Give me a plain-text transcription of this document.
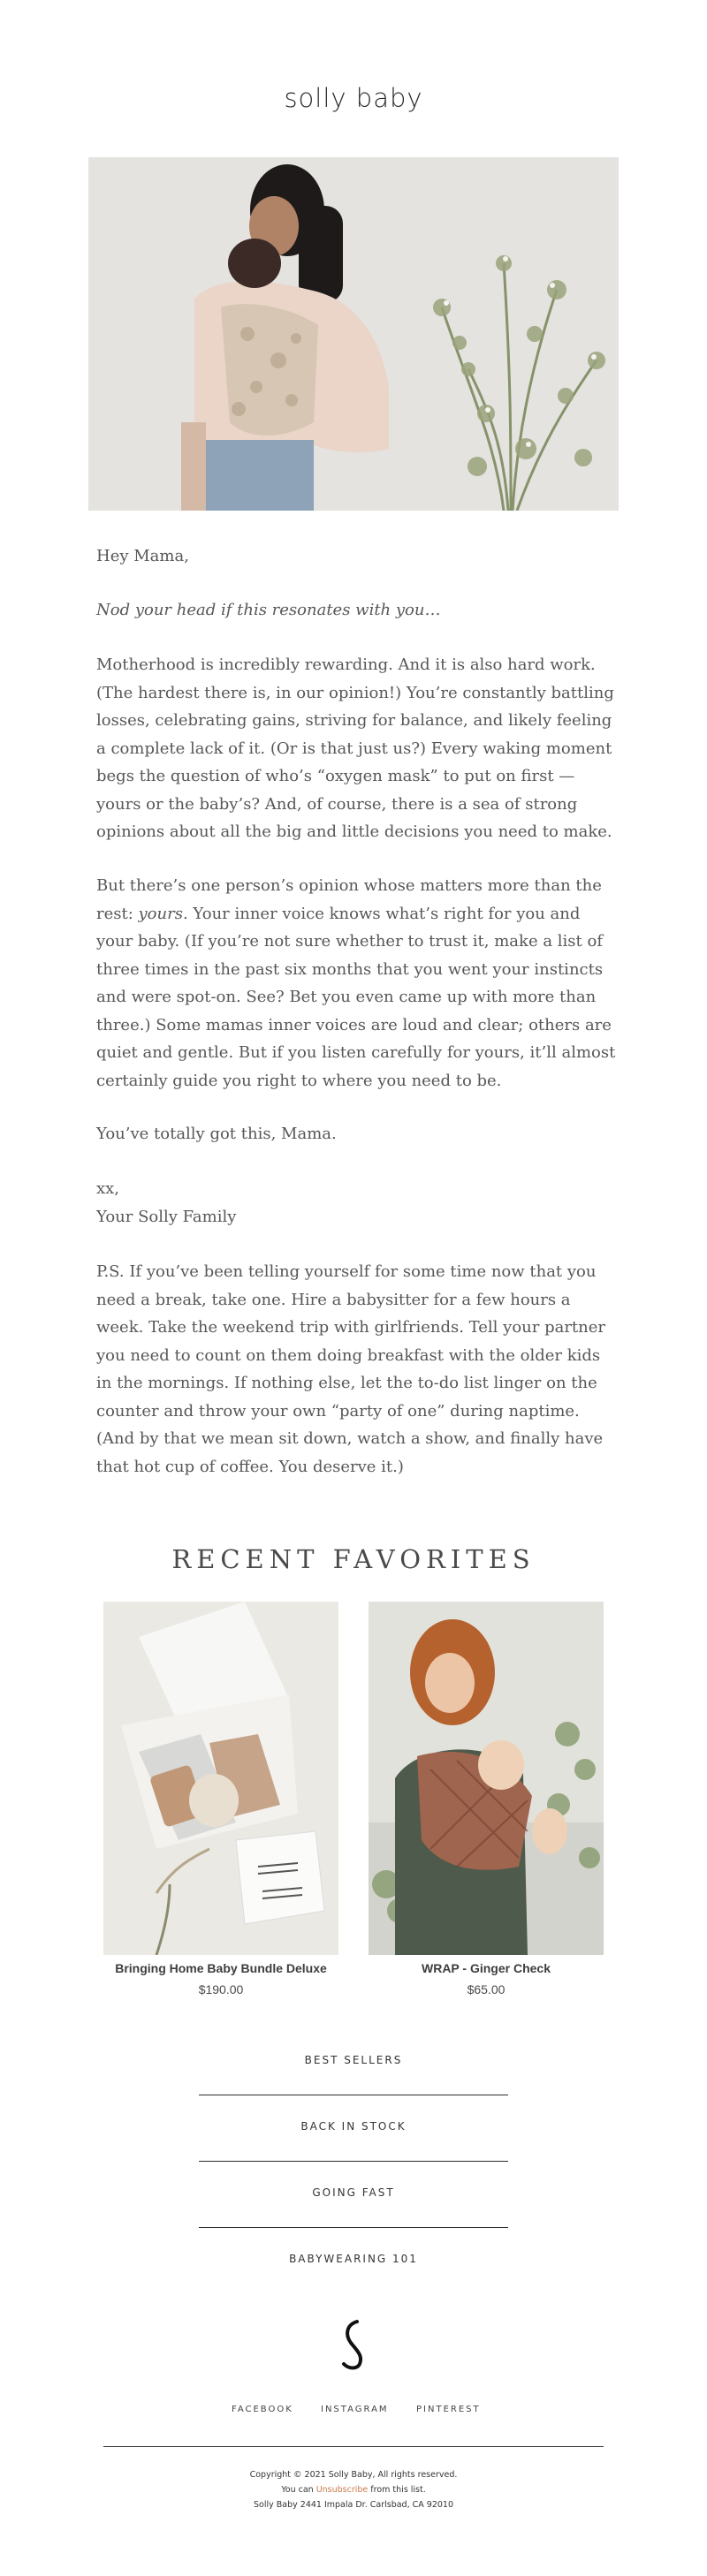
solly baby

Hey Mama,

Nod your head if this resonates with you…

Motherhood is incredibly rewarding. And it is also hard work. (The hardest there is, in our opinion!) You’re constantly battling losses, celebrating gains, striving for balance, and likely feeling a complete lack of it. (Or is that just us?) Every waking moment begs the question of who’s “oxygen mask” to put on first — yours or the baby’s? And, of course, there is a sea of strong opinions about all the big and little decisions you need to make.

But there’s one person’s opinion whose matters more than the rest: yours. Your inner voice knows what’s right for you and your baby. (If you’re not sure whether to trust it, make a list of three times in the past six months that you went your instincts and were spot-on. See? Bet you even came up with more than three.) Some mamas inner voices are loud and clear; others are quiet and gentle. But if you listen carefully for yours, it’ll almost certainly guide you right to where you need to be.

You’ve totally got this, Mama.

xx,

Your Solly Family

P.S. If you’ve been telling yourself for some time now that you need a break, take one. Hire a babysitter for a few hours a week. Take the weekend trip with girlfriends. Tell your partner you need to count on them doing breakfast with the older kids in the mornings. If nothing else, let the to-do list linger on the counter and throw your own “party of one” during naptime. (And by that we mean sit down, watch a show, and finally have that hot cup of coffee. You deserve it.)

RECENT FAVORITES
Bringing Home Baby Bundle Deluxe
$190.00
WRAP - Ginger Check
$65.00
BEST SELLERS
BACK IN STOCK
GOING FAST
BABYWEARING 101
FACEBOOK	INSTAGRAM	PINTEREST
Copyright © 2021 Solly Baby, All rights reserved.
You can Unsubscribe from this list.
Solly Baby 2441 Impala Dr. Carlsbad, CA 92010
